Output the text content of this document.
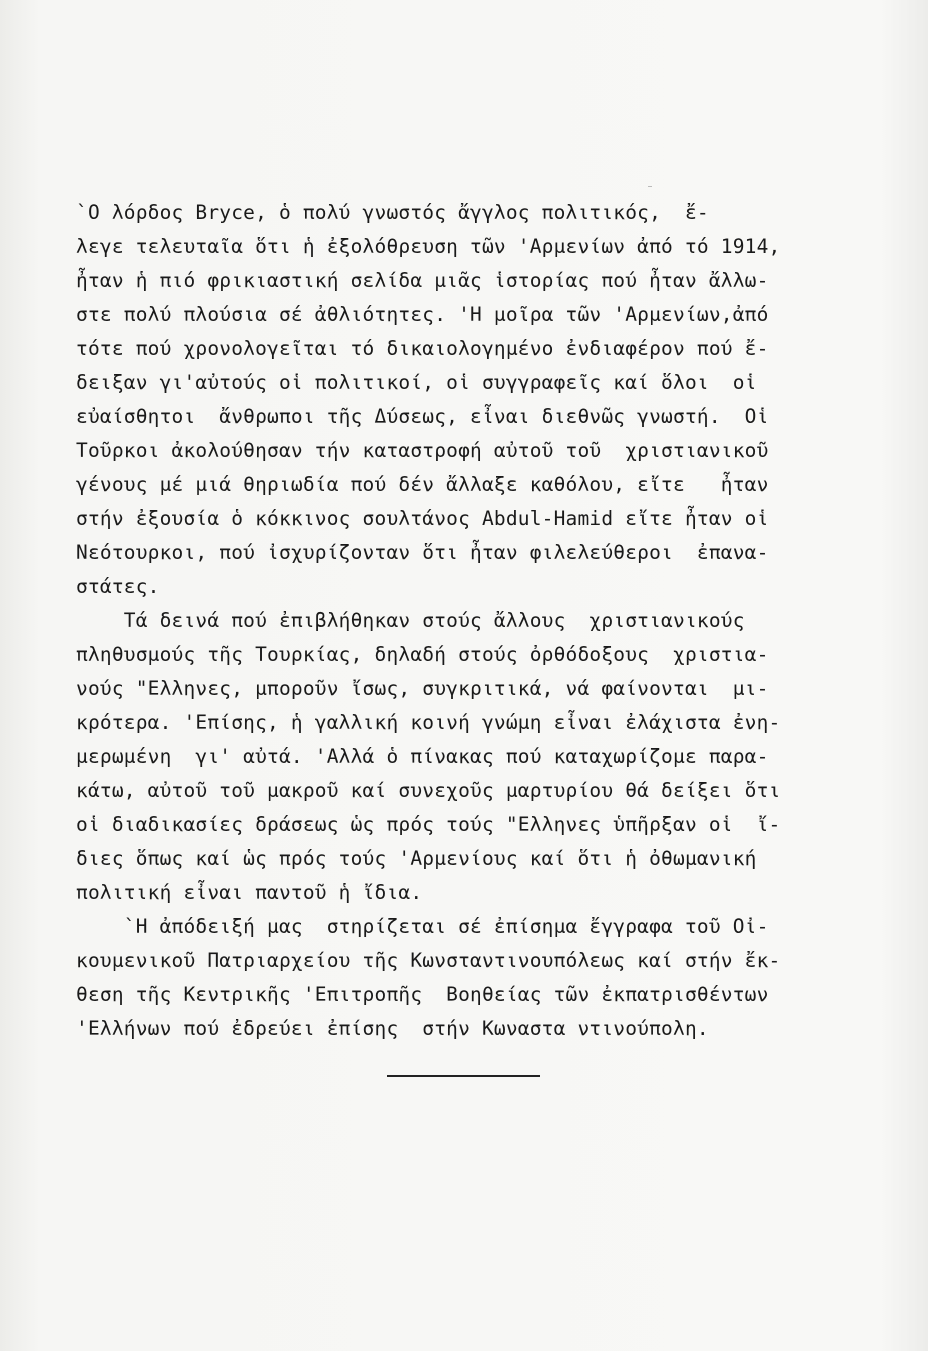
`Ο λόρδος Bryce, ὁ πολύ γνωστός ἄγγλος πολιτικός,  ἔ-
λεγε τελευταῖα ὅτι ἡ ἐξολόθρευση τῶν 'Αρμενίων ἀπό τό 1914,
ἦταν ἡ πιό φρικιαστική σελίδα μιᾶς ἱστορίας πού ἦταν ἄλλω-
στε πολύ πλούσια σέ ἀθλιότητες. 'Η μοῖρα τῶν 'Αρμενίων,ἀπό
τότε πού χρονολογεῖται τό δικαιολογημένο ἐνδιαφέρον πού ἔ-
δειξαν γι'αὐτούς οἱ πολιτικοί, οἱ συγγραφεῖς καί ὅλοι  οἱ
εὐαίσθητοι  ἄνθρωποι τῆς Δύσεως, εἶναι διεθνῶς γνωστή.  Οἱ
Τοῦρκοι ἀκολούθησαν τήν καταστροφή αὐτοῦ τοῦ  χριστιανικοῦ
γένους μέ μιά θηριωδία πού δέν ἄλλαξε καθόλου, εἴτε   ἦταν
στήν ἐξουσία ὁ κόκκινος σουλτάνος Abdul-Hamid εἴτε ἦταν οἱ
Νεότουρκοι, πού ἰσχυρίζονταν ὅτι ἦταν φιλελεύθεροι  ἐπανα-
στάτες.
Τά δεινά πού ἐπιβλήθηκαν στούς ἄλλους  χριστιανικούς
πληθυσμούς τῆς Τουρκίας, δηλαδή στούς ὀρθόδοξους  χριστια-
νούς "Ελληνες, μποροῦν ἴσως, συγκριτικά, νά φαίνονται  μι-
κρότερα. 'Επίσης, ἡ γαλλική κοινή γνώμη εἶναι ἐλάχιστα ἐνη-
μερωμένη  γι' αὐτά. 'Αλλά ὁ πίνακας πού καταχωρίζομε παρα-
κάτω, αὐτοῦ τοῦ μακροῦ καί συνεχοῦς μαρτυρίου θά δείξει ὅτι
οἱ διαδικασίες δράσεως ὡς πρός τούς "Ελληνες ὑπῆρξαν οἱ  ἴ-
διες ὅπως καί ὡς πρός τούς 'Αρμενίους καί ὅτι ἡ ὀθωμανική
πολιτική εἶναι παντοῦ ἡ ἴδια.
`Η ἀπόδειξή μας  στηρίζεται σέ ἐπίσημα ἔγγραφα τοῦ Οἰ-
κουμενικοῦ Πατριαρχείου τῆς Κωνσταντινουπόλεως καί στήν ἔκ-
θεση τῆς Κεντρικῆς 'Επιτροπῆς  Βοηθείας τῶν ἐκπατρισθέντων
'Ελλήνων πού ἐδρεύει ἐπίσης  στήν Κωναστα ντινούπολη.
